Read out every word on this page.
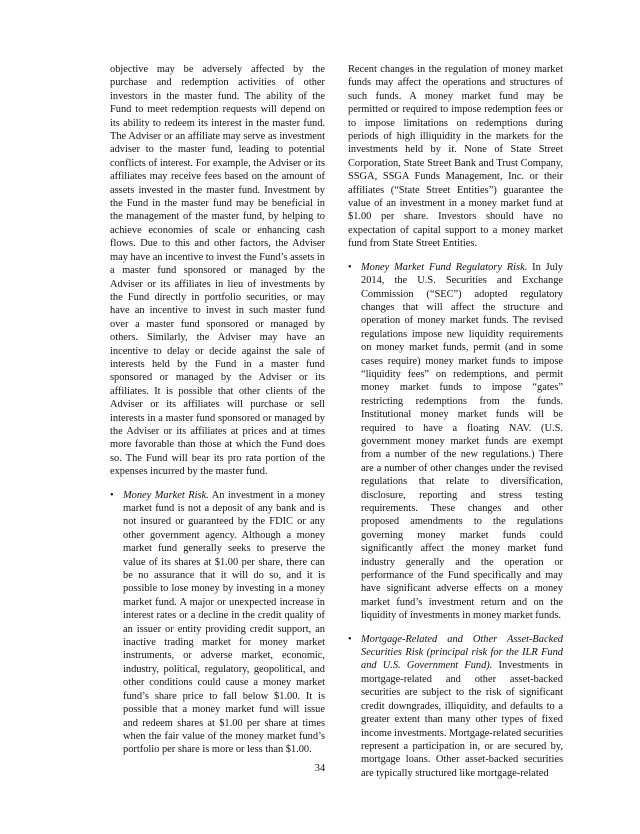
objective may be adversely affected by the purchase and redemption activities of other investors in the master fund. The ability of the Fund to meet redemption requests will depend on its ability to redeem its interest in the master fund. The Adviser or an affiliate may serve as investment adviser to the master fund, leading to potential conflicts of interest. For example, the Adviser or its affiliates may receive fees based on the amount of assets invested in the master fund. Investment by the Fund in the master fund may be beneficial in the management of the master fund, by helping to achieve economies of scale or enhancing cash flows. Due to this and other factors, the Adviser may have an incentive to invest the Fund’s assets in a master fund sponsored or managed by the Adviser or its affiliates in lieu of investments by the Fund directly in portfolio securities, or may have an incentive to invest in such master fund over a master fund sponsored or managed by others. Similarly, the Adviser may have an incentive to delay or decide against the sale of interests held by the Fund in a master fund sponsored or managed by the Adviser or its affiliates. It is possible that other clients of the Adviser or its affiliates will purchase or sell interests in a master fund sponsored or managed by the Adviser or its affiliates at prices and at times more favorable than those at which the Fund does so. The Fund will bear its pro rata portion of the expenses incurred by the master fund.

• Money Market Risk. An investment in a money market fund is not a deposit of any bank and is not insured or guaranteed by the FDIC or any other government agency. Although a money market fund generally seeks to preserve the value of its shares at $1.00 per share, there can be no assurance that it will do so, and it is possible to lose money by investing in a money market fund. A major or unexpected increase in interest rates or a decline in the credit quality of an issuer or entity providing credit support, an inactive trading market for money market instruments, or adverse market, economic, industry, political, regulatory, geopolitical, and other conditions could cause a money market fund’s share price to fall below $1.00. It is possible that a money market fund will issue and redeem shares at $1.00 per share at times when the fair value of the money market fund’s portfolio per share is more or less than $1.00.

Recent changes in the regulation of money market funds may affect the operations and structures of such funds. A money market fund may be permitted or required to impose redemption fees or to impose limitations on redemptions during periods of high illiquidity in the markets for the investments held by it. None of State Street Corporation, State Street Bank and Trust Company, SSGA, SSGA Funds Management, Inc. or their affiliates (“State Street Entities”) guarantee the value of an investment in a money market fund at $1.00 per share. Investors should have no expectation of capital support to a money market fund from State Street Entities.

• Money Market Fund Regulatory Risk. In July 2014, the U.S. Securities and Exchange Commission (“SEC”) adopted regulatory changes that will affect the structure and operation of money market funds. The revised regulations impose new liquidity requirements on money market funds, permit (and in some cases require) money market funds to impose “liquidity fees” on redemptions, and permit money market funds to impose “gates” restricting redemptions from the funds. Institutional money market funds will be required to have a floating NAV. (U.S. government money market funds are exempt from a number of the new regulations.) There are a number of other changes under the revised regulations that relate to diversification, disclosure, reporting and stress testing requirements. These changes and other proposed amendments to the regulations governing money market funds could significantly affect the money market fund industry generally and the operation or performance of the Fund specifically and may have significant adverse effects on a money market fund’s investment return and on the liquidity of investments in money market funds.

• Mortgage-Related and Other Asset-Backed Securities Risk (principal risk for the ILR Fund and U.S. Government Fund). Investments in mortgage-related and other asset-backed securities are subject to the risk of significant credit downgrades, illiquidity, and defaults to a greater extent than many other types of fixed income investments. Mortgage-related securities represent a participation in, or are secured by, mortgage loans. Other asset-backed securities are typically structured like mortgage-related

34
